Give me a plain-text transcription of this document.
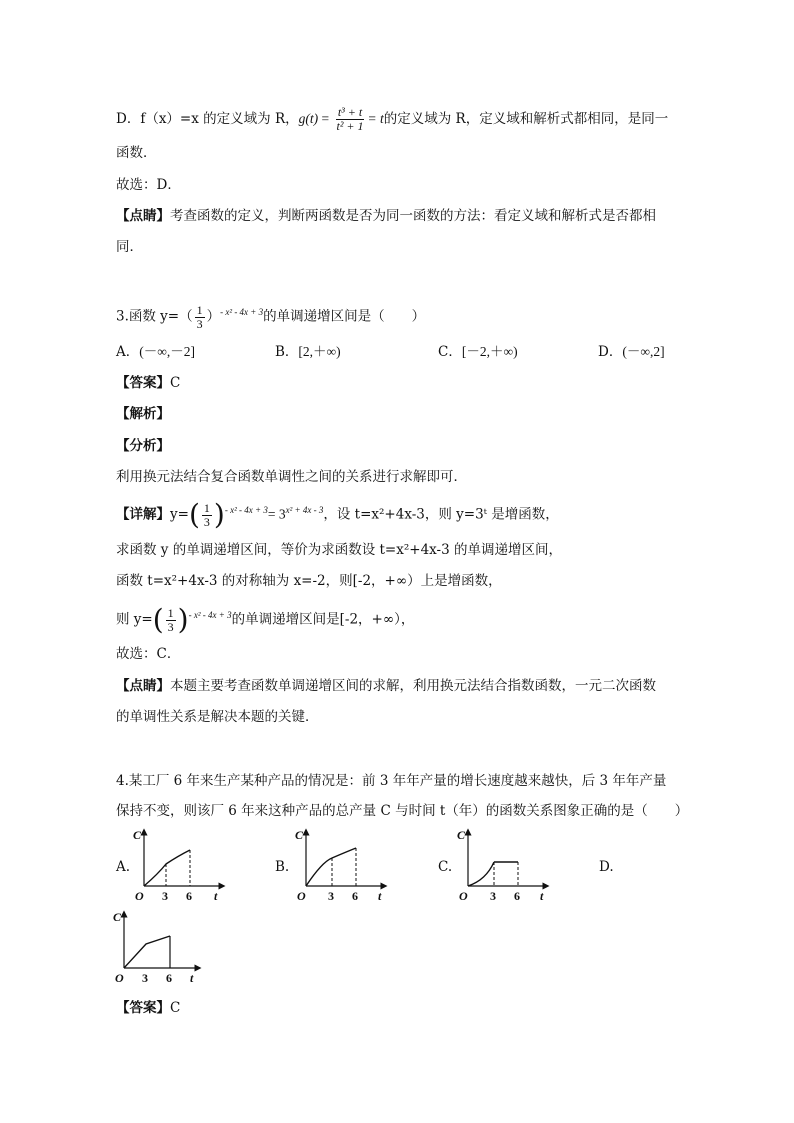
D．f（x）=x 的定义域为 R，$g(t) = \frac{\text{t³ + t}}{\text{t² + 1}} = t$的定义域为 R，定义域和解析式都相同，是同一
函数．
故选：D．
【点睛】考查函数的定义，判断两函数是否为同一函数的方法：看定义域和解析式是否都相
同．
3.函数 $y=( \frac{1}{3} )^{- x^2 - 4x + 3}$的单调递增区间是（　　）
A．(－∞,－2]	B．[2,＋∞)	C．[－2,＋∞)	D．(－∞,2]
【答案】C
【解析】
【分析】
利用换元法结合复合函数单调性之间的关系进行求解即可．
【详解】$y=( \frac{1}{3} )^{- x^2 - 4x + 3}= 3^{x^2 + 4x - 3}$，设 t=x²+4x-3，则 y=3ᵗ 是增函数，
求函数 y 的单调递增区间，等价为求函数设 t=x²+4x-3 的单调递增区间，
函数 t=x²+4x-3 的对称轴为 x=-2，则[-2，+∞）上是增函数，
则 $y=( \frac{1}{3} )^{- x^2 - 4x + 3}$的单调递增区间是[-2，+∞），
故选：C．
【点睛】本题主要考查函数单调递增区间的求解，利用换元法结合指数函数，一元二次函数
的单调性关系是解决本题的关键．
4.某工厂 6 年来生产某种产品的情况是：前 3 年年产量的增长速度越来越快，后 3 年年产量
保持不变，则该厂 6 年来这种产品的总产量 C 与时间 t（年）的函数关系图象正确的是（　　）
A.	B.	C.	D.
C
O 3 6 t
C
O 3 6 t
C
O 3 6 t
C
O 3 6 t
【答案】C
